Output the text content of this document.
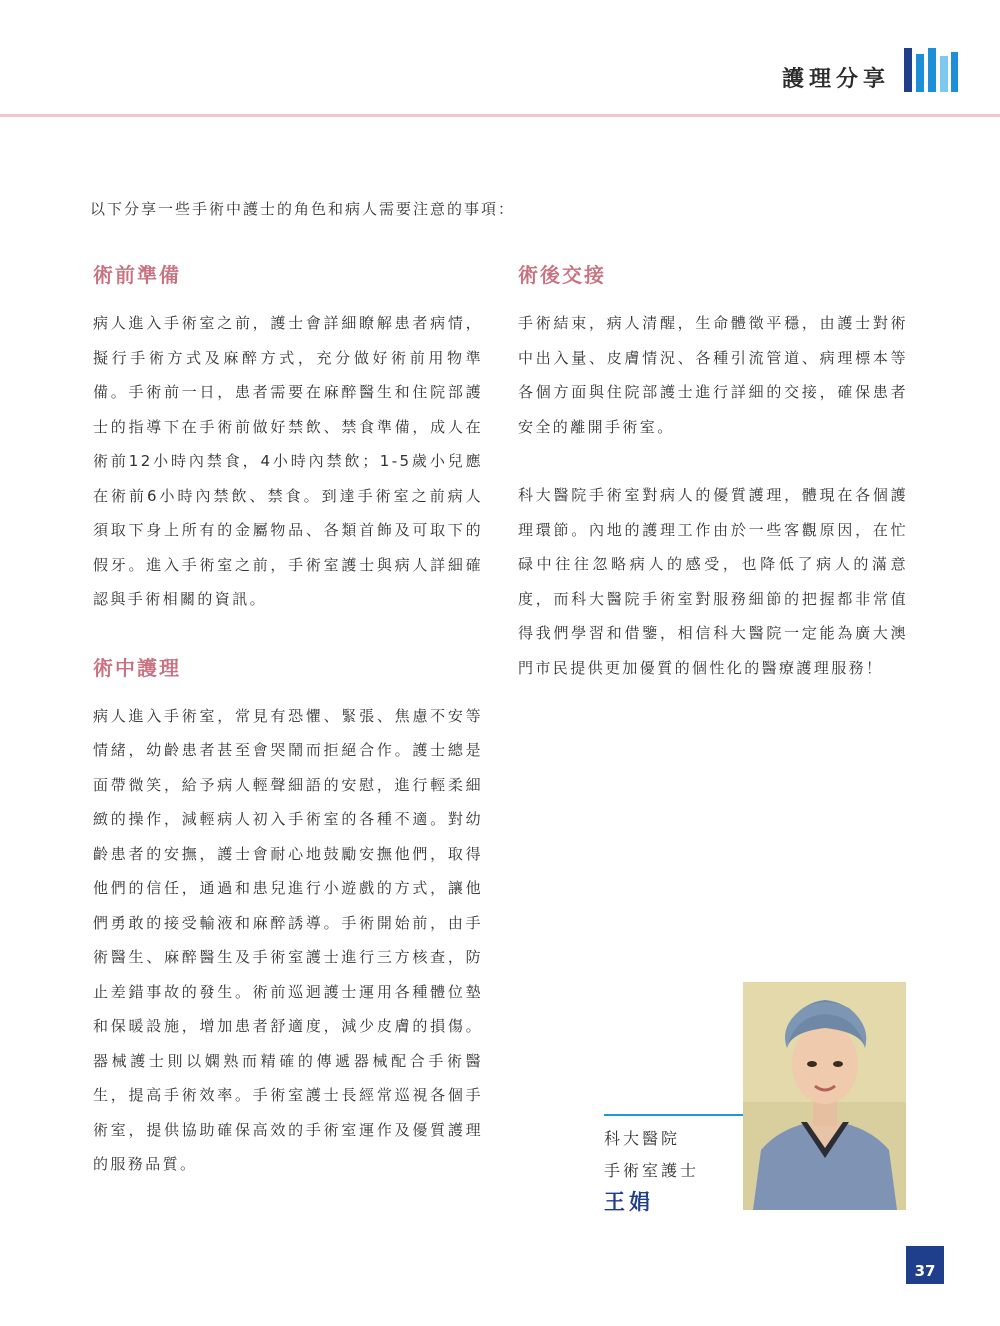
護理分享
以下分享一些手術中護士的角色和病人需要注意的事項：
術前準備

病人進入手術室之前，護士會詳細瞭解患者病情，擬行手術方式及麻醉方式，充分做好術前用物準備。手術前一日，患者需要在麻醉醫生和住院部護士的指導下在手術前做好禁飲、禁食準備，成人在術前12小時內禁食，4小時內禁飲；1-5歲小兒應在術前6小時內禁飲、禁食。到達手術室之前病人須取下身上所有的金屬物品、各類首飾及可取下的假牙。進入手術室之前，手術室護士與病人詳細確認與手術相關的資訊。

術中護理

病人進入手術室，常見有恐懼、緊張、焦慮不安等情緒，幼齡患者甚至會哭鬧而拒絕合作。護士總是面帶微笑，給予病人輕聲細語的安慰，進行輕柔細緻的操作，減輕病人初入手術室的各種不適。對幼齡患者的安撫，護士會耐心地鼓勵安撫他們，取得他們的信任，通過和患兒進行小遊戲的方式，讓他們勇敢的接受輸液和麻醉誘導。手術開始前，由手術醫生、麻醉醫生及手術室護士進行三方核查，防止差錯事故的發生。術前巡迴護士運用各種體位墊和保暖設施，增加患者舒適度，減少皮膚的損傷。器械護士則以嫻熟而精確的傳遞器械配合手術醫生，提高手術效率。手術室護士長經常巡視各個手術室，提供協助確保高效的手術室運作及優質護理的服務品質。

術後交接

手術結束，病人清醒，生命體徵平穩，由護士對術中出入量、皮膚情況、各種引流管道、病理標本等各個方面與住院部護士進行詳細的交接，確保患者安全的離開手術室。

科大醫院手術室對病人的優質護理，體現在各個護理環節。內地的護理工作由於一些客觀原因，在忙碌中往往忽略病人的感受，也降低了病人的滿意度，而科大醫院手術室對服務細節的把握都非常值得我們學習和借鑒，相信科大醫院一定能為廣大澳門市民提供更加優質的個性化的醫療護理服務！

科大醫院
手術室護士
王娟
37
